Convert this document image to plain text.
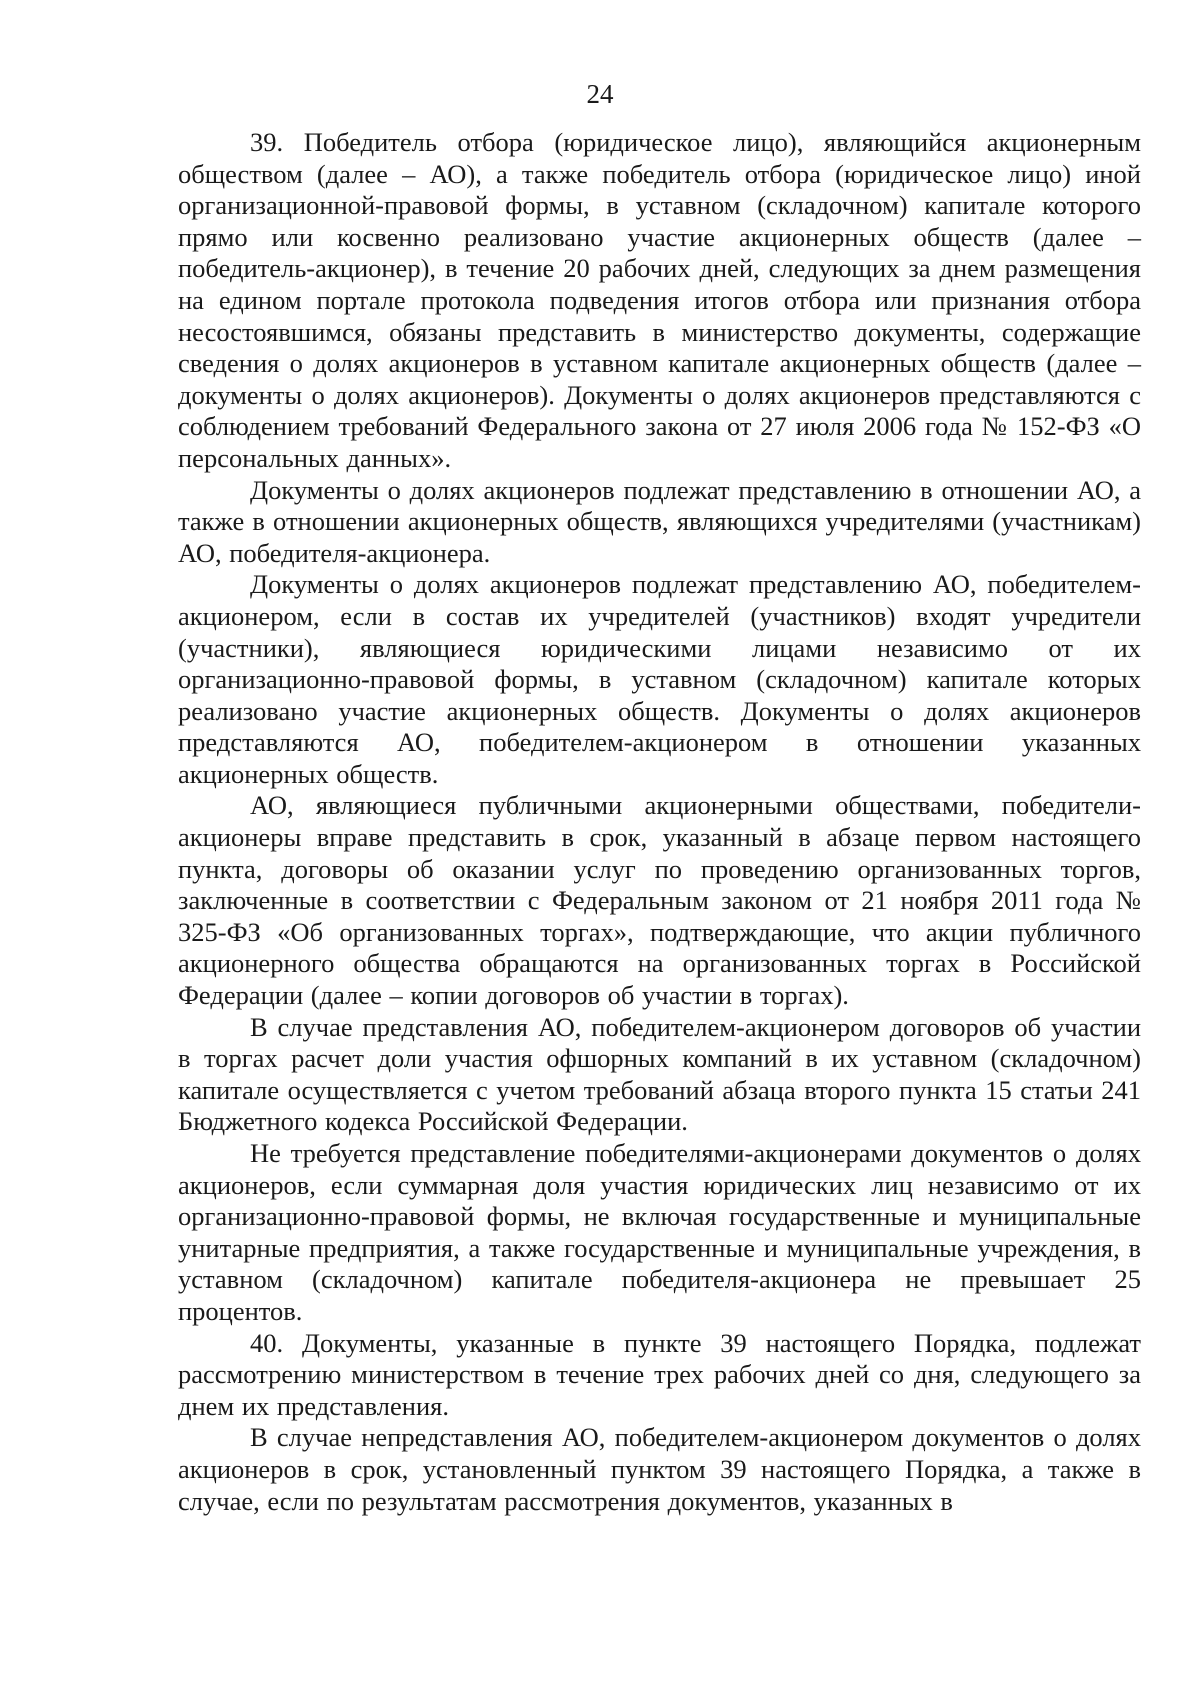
24

39. Победитель отбора (юридическое лицо), являющийся акционерным обществом (далее – АО), а также победитель отбора (юридическое лицо) иной организационной-правовой формы, в уставном (складочном) капитале которого прямо или косвенно реализовано участие акционерных обществ (далее – победитель-акционер), в течение 20 рабочих дней, следующих за днем размещения на едином портале протокола подведения итогов отбора или признания отбора несостоявшимся, обязаны представить в министерство документы, содержащие сведения о долях акционеров в уставном капитале акционерных обществ (далее – документы о долях акционеров). Документы о долях акционеров представляются с соблюдением требований Федерального закона от 27 июля 2006 года № 152-ФЗ «О персональных данных».

Документы о долях акционеров подлежат представлению в отношении АО, а также в отношении акционерных обществ, являющихся учредителями (участникам) АО, победителя-акционера.

Документы о долях акционеров подлежат представлению АО, победителем-акционером, если в состав их учредителей (участников) входят учредители (участники), являющиеся юридическими лицами независимо от их организационно-правовой формы, в уставном (складочном) капитале которых реализовано участие акционерных обществ. Документы о долях акционеров представляются АО, победителем-акционером в отношении указанных акционерных обществ.

АО, являющиеся публичными акционерными обществами, победители-акционеры вправе представить в срок, указанный в абзаце первом настоящего пункта, договоры об оказании услуг по проведению организованных торгов, заключенные в соответствии с Федеральным законом от 21 ноября 2011 года № 325-ФЗ «Об организованных торгах», подтверждающие, что акции публичного акционерного общества обращаются на организованных торгах в Российской Федерации (далее – копии договоров об участии в торгах).

В случае представления АО, победителем-акционером договоров об участии в торгах расчет доли участия офшорных компаний в их уставном (складочном) капитале осуществляется с учетом требований абзаца второго пункта 15 статьи 241 Бюджетного кодекса Российской Федерации.

Не требуется представление победителями-акционерами документов о долях акционеров, если суммарная доля участия юридических лиц независимо от их организационно-правовой формы, не включая государственные и муниципальные унитарные предприятия, а также государственные и муниципальные учреждения, в уставном (складочном) капитале победителя-акционера не превышает 25 процентов.

40. Документы, указанные в пункте 39 настоящего Порядка, подлежат рассмотрению министерством в течение трех рабочих дней со дня, следующего за днем их представления.

В случае непредставления АО, победителем-акционером документов о долях акционеров в срок, установленный пунктом 39 настоящего Порядка, а также в случае, если по результатам рассмотрения документов, указанных в
